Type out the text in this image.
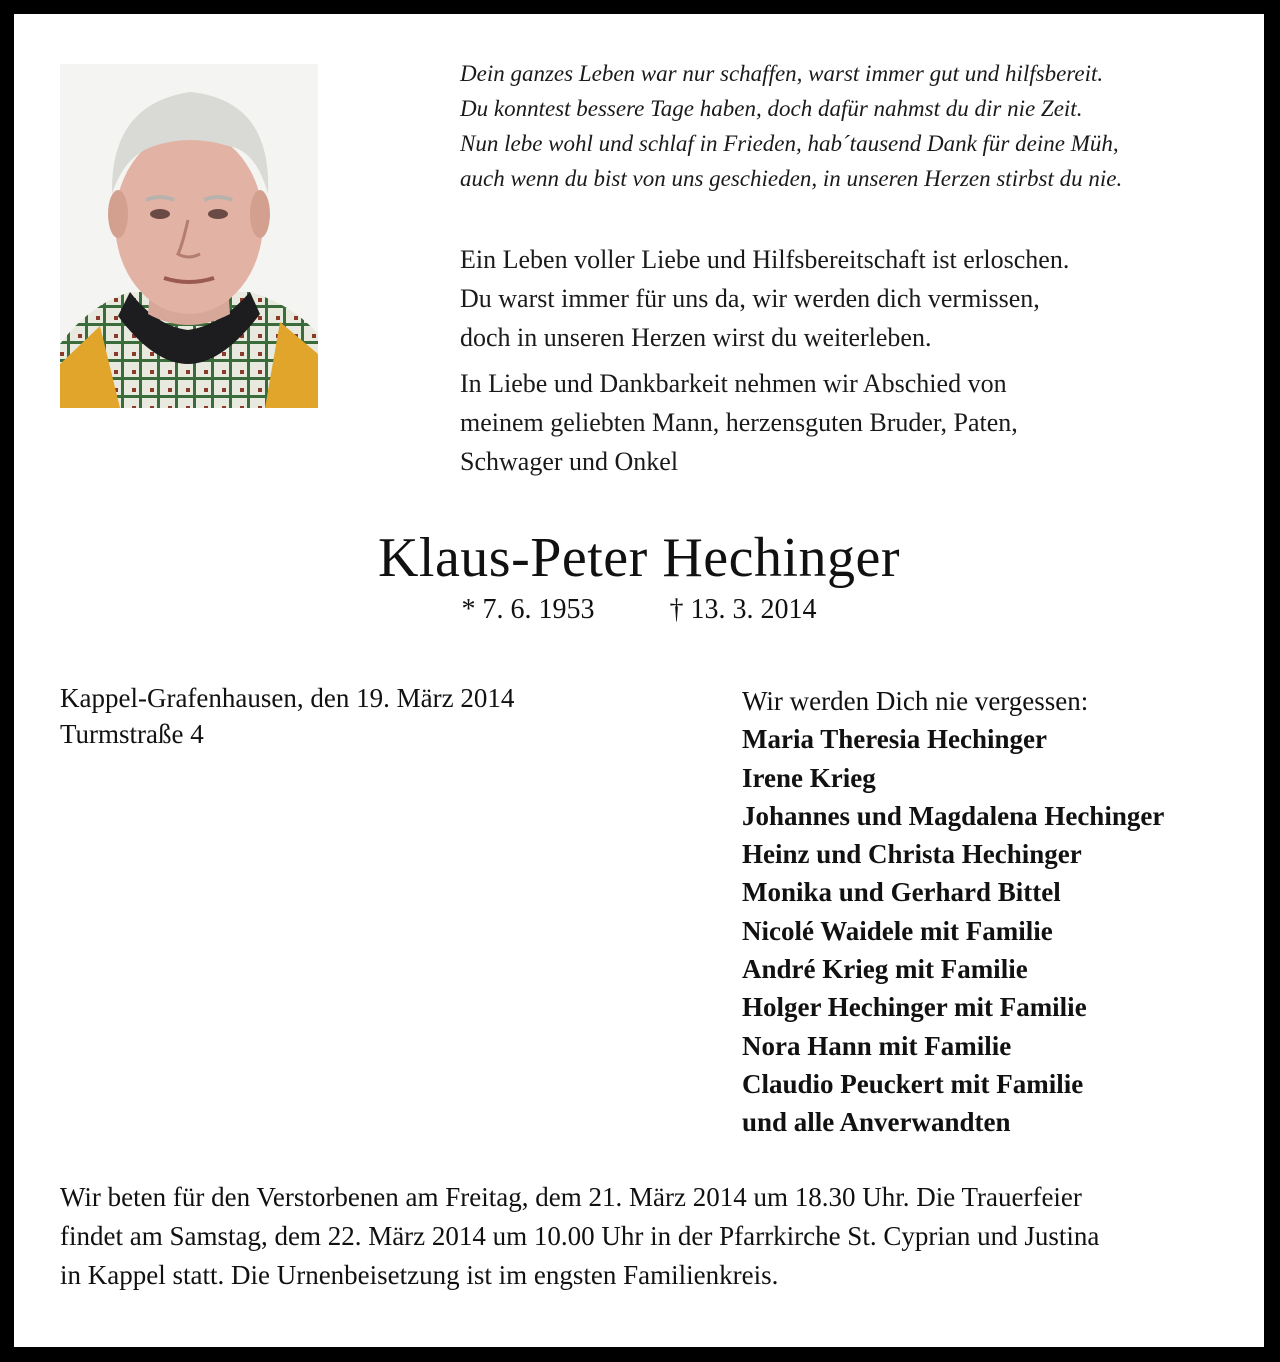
Dein ganzes Leben war nur schaffen, warst immer gut und hilfsbereit.
Du konntest bessere Tage haben, doch dafür nahmst du dir nie Zeit.
Nun lebe wohl und schlaf in Frieden, hab´tausend Dank für deine Müh,
auch wenn du bist von uns geschieden, in unseren Herzen stirbst du nie.
Ein Leben voller Liebe und Hilfsbereitschaft ist erloschen.
Du warst immer für uns da, wir werden dich vermissen,
doch in unseren Herzen wirst du weiterleben.
In Liebe und Dankbarkeit nehmen wir Abschied von
meinem geliebten Mann, herzensguten Bruder, Paten,
Schwager und Onkel
Klaus-Peter Hechinger
* 7. 6. 1953	† 13. 3. 2014
Kappel-Grafenhausen, den 19. März 2014
Turmstraße 4
Wir werden Dich nie vergessen:
Maria Theresia Hechinger
Irene Krieg
Johannes und Magdalena Hechinger
Heinz und Christa Hechinger
Monika und Gerhard Bittel
Nicolé Waidele mit Familie
André Krieg mit Familie
Holger Hechinger mit Familie
Nora Hann mit Familie
Claudio Peuckert mit Familie
und alle Anverwandten
Wir beten für den Verstorbenen am Freitag, dem 21. März 2014 um 18.30 Uhr. Die Trauerfeier
findet am Samstag, dem 22. März 2014 um 10.00 Uhr in der Pfarrkirche St. Cyprian und Justina
in Kappel statt. Die Urnenbeisetzung ist im engsten Familienkreis.
